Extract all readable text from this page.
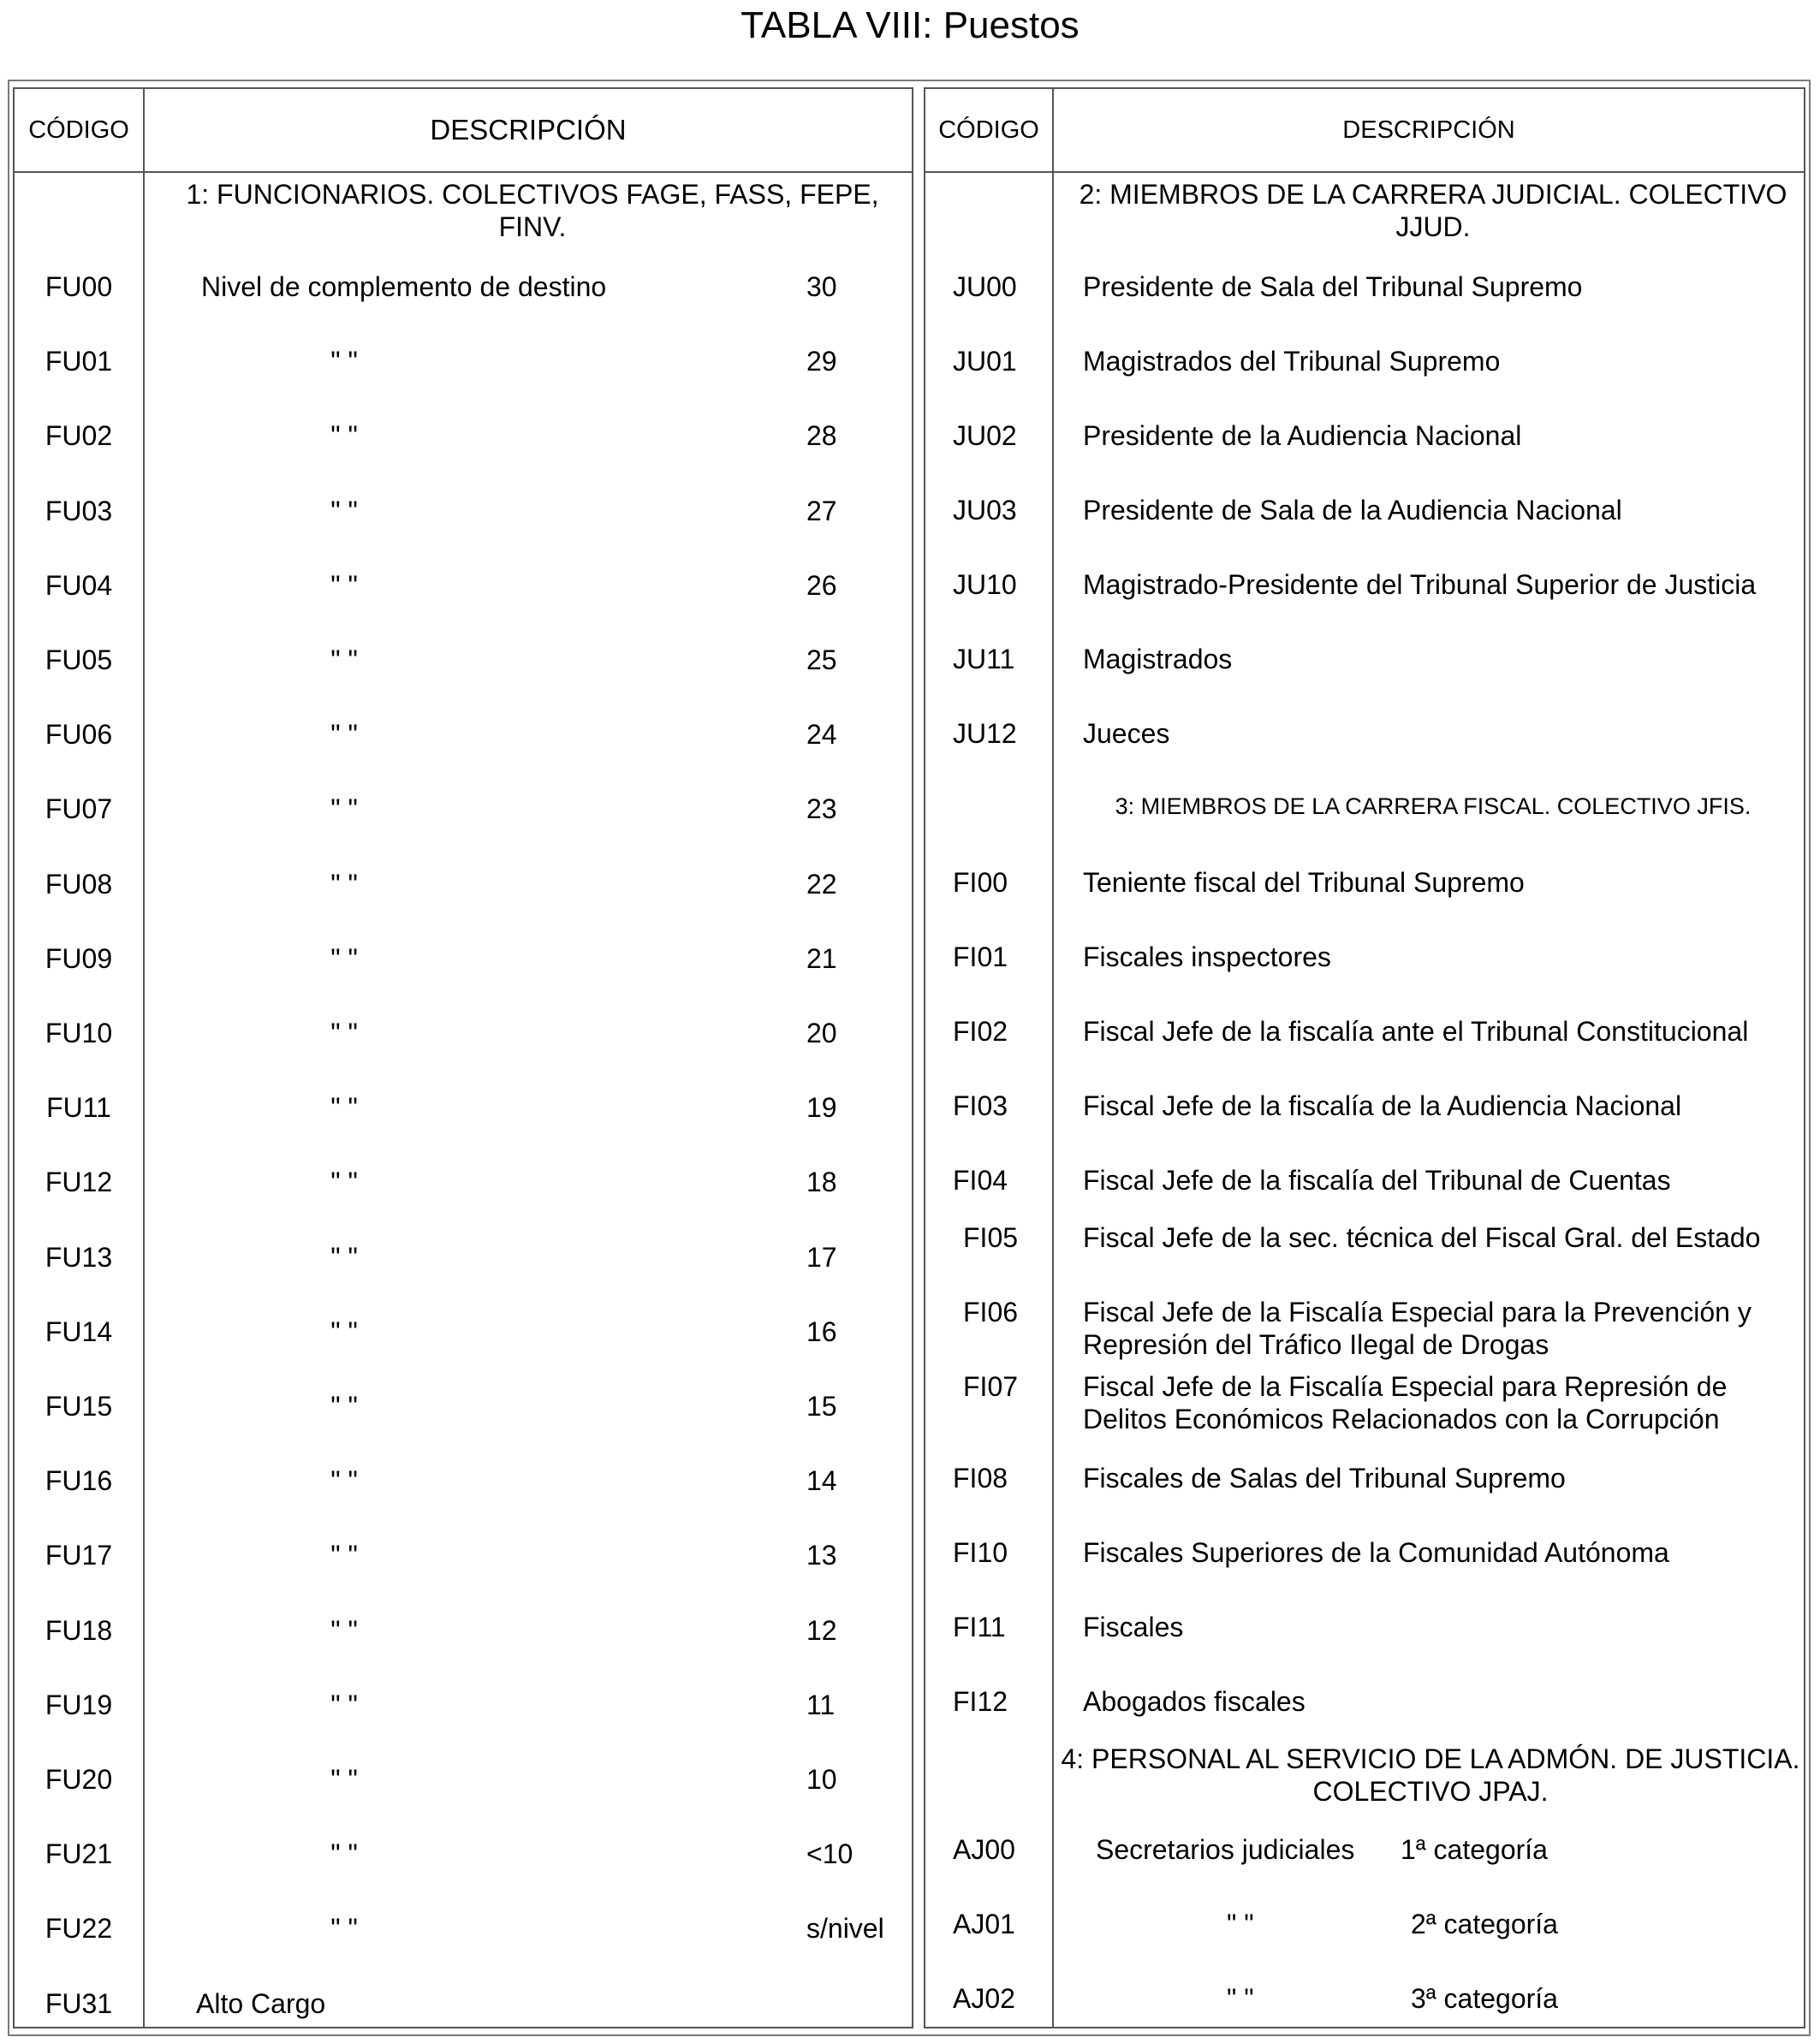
TABLA VIII: Puestos
CÓDIGO	DESCRIPCIÓN
1: FUNCIONARIOS. COLECTIVOS FAGE, FASS, FEPE, FINV.
FU00	Nivel de complemento de destino	30
FU01	" "	29
FU02	" "	28
FU03	" "	27
FU04	" "	26
FU05	" "	25
FU06	" "	24
FU07	" "	23
FU08	" "	22
FU09	" "	21
FU10	" "	20
FU11	" "	19
FU12	" "	18
FU13	" "	17
FU14	" "	16
FU15	" "	15
FU16	" "	14
FU17	" "	13
FU18	" "	12
FU19	" "	11
FU20	" "	10
FU21	" "	<10
FU22	" "	s/nivel
FU31	Alto Cargo
CÓDIGO	DESCRIPCIÓN
2: MIEMBROS DE LA CARRERA JUDICIAL. COLECTIVO JJUD.
3: MIEMBROS DE LA CARRERA FISCAL. COLECTIVO JFIS.
4: PERSONAL AL SERVICIO DE LA ADMÓN. DE JUSTICIA. COLECTIVO JPAJ.
JU00 Presidente de Sala del Tribunal Supremo
JU01 Magistrados del Tribunal Supremo
JU02 Presidente de la Audiencia Nacional
JU03 Presidente de Sala de la Audiencia Nacional
JU10 Magistrado-Presidente del Tribunal Superior de Justicia
JU11 Magistrados
JU12 Jueces
FI00	Teniente fiscal del Tribunal Supremo
FI01	Fiscales inspectores
FI02	Fiscal Jefe de la fiscalía ante el Tribunal Constitucional
FI03	Fiscal Jefe de la fiscalía de la Audiencia Nacional
FI04	Fiscal Jefe de la fiscalía del Tribunal de Cuentas
FI05 Fiscal Jefe de la sec. técnica del Fiscal Gral. del Estado
FI06 Fiscal Jefe de la Fiscalía Especial para la Prevención y Represión del Tráfico Ilegal de Drogas
FI07 Fiscal Jefe de la Fiscalía Especial para Represión de Delitos Económicos Relacionados con la Corrupción
FI08	Fiscales de Salas del Tribunal Supremo
FI10	Fiscales Superiores de la Comunidad Autónoma
FI11	Fiscales
FI12	Abogados fiscales
AJ00	Secretarios judiciales 1ª categoría
AJ01	" "	2ª categoría
AJ02	" "	3ª categoría
